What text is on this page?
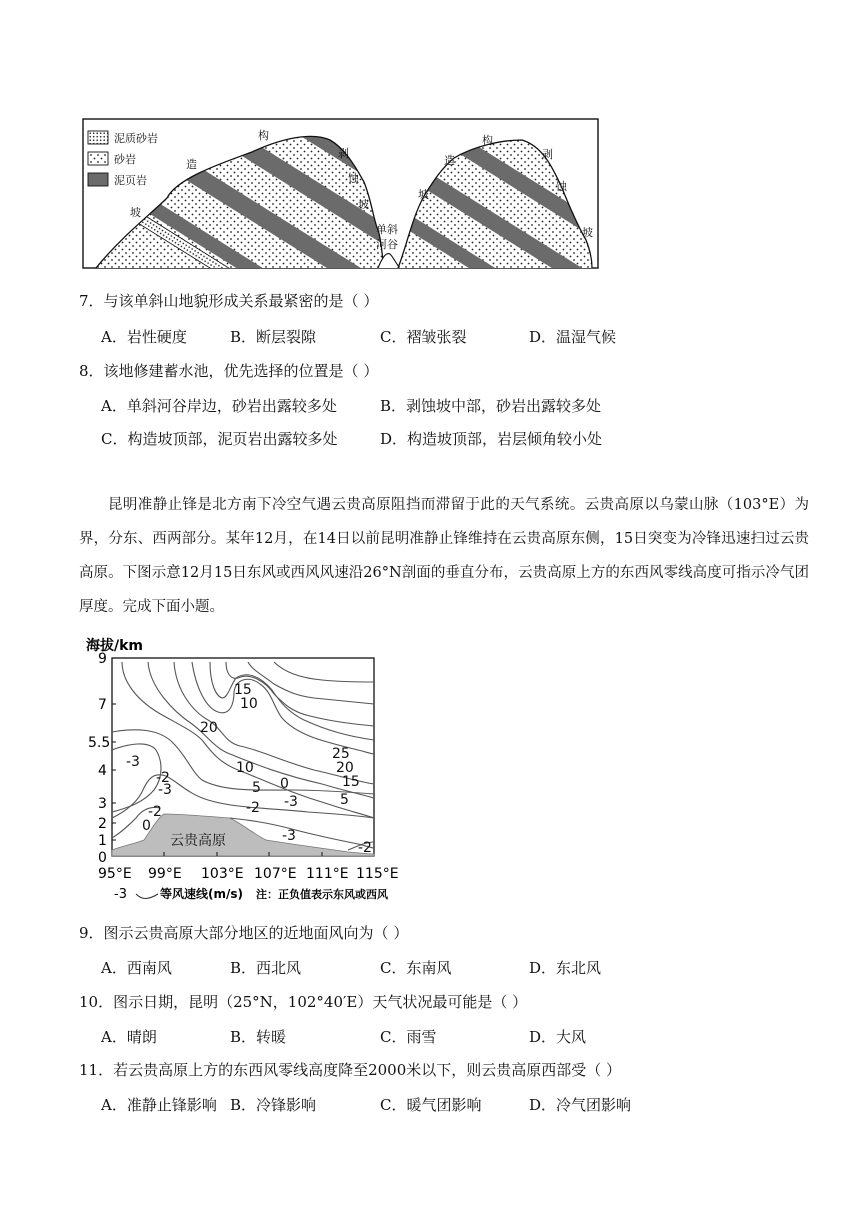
泥质砂岩
砂岩
泥页岩
构
造
坡
剥
蚀
坡
单斜
河谷
构
造
坡
剥
蚀
坡
7．与该单斜山地貌形成关系最紧密的是（ ）
A．岩性硬度	B．断层裂隙	C．褶皱张裂	D．温湿气候
8．该地修建蓄水池，优先选择的位置是（ ）
A．单斜河谷岸边，砂岩出露较多处	B．剥蚀坡中部，砂岩出露较多处
C．构造坡顶部，泥页岩出露较多处	D．构造坡顶部，岩层倾角较小处

昆明准静止锋是北方南下冷空气遇云贵高原阻挡而滞留于此的天气系统。云贵高原以乌蒙山脉（103°E）为界，分东、西两部分。某年12月，在14日以前昆明准静止锋维持在云贵高原东侧，15日突变为冷锋迅速扫过云贵高原。下图示意12月15日东风或西风风速沿26°N剖面的垂直分布，云贵高原上方的东西风零线高度可指示冷气团厚度。完成下面小题。

海拔/km
云贵高原
15
10
20
-3
-2
-3
-2
0
10
5 0
-2 -3
25
20
15
5
-3
-2
9
7
5.5
4
3
2
1
0
95°E 99°E 103°E 107°E 111°E 115°E
-3	等风速线(m/s) 注：正负值表示东风或西风
9．图示云贵高原大部分地区的近地面风向为（ ）
A．西南风	B．西北风	C．东南风	D．东北风
10．图示日期，昆明（25°N，102°40′E）天气状况最可能是（ ）
A．晴朗	B．转暖	C．雨雪	D．大风
11．若云贵高原上方的东西风零线高度降至2000米以下，则云贵高原西部受（ ）
A．准静止锋影响 B．冷锋影响	C．暖气团影响	D．冷气团影响
